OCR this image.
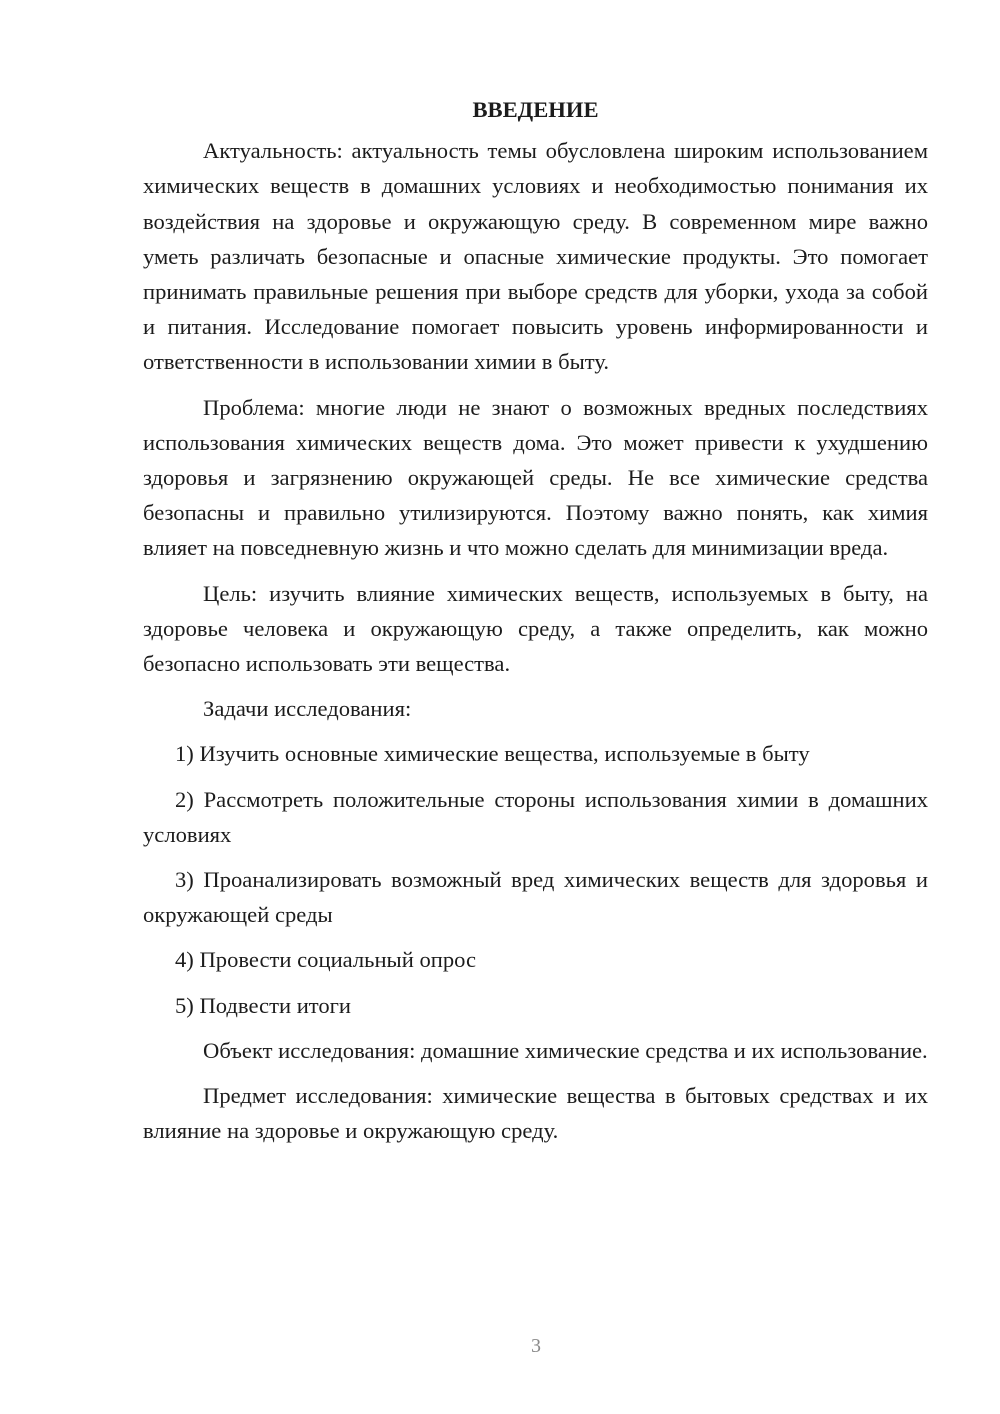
ВВЕДЕНИЕ

Актуальность: актуальность темы обусловлена широким использованием химических веществ в домашних условиях и необходимостью понимания их воздействия на здоровье и окружающую среду. В современном мире важно уметь различать безопасные и опасные химические продукты. Это помогает принимать правильные решения при выборе средств для уборки, ухода за собой и питания. Исследование помогает повысить уровень информированности и ответственности в использовании химии в быту.

Проблема: многие люди не знают о возможных вредных последствиях использования химических веществ дома. Это может привести к ухудшению здоровья и загрязнению окружающей среды. Не все химические средства безопасны и правильно утилизируются. Поэтому важно понять, как химия влияет на повседневную жизнь и что можно сделать для минимизации вреда.

Цель: изучить влияние химических веществ, используемых в быту, на здоровье человека и окружающую среду, а также определить, как можно безопасно использовать эти вещества.

Задачи исследования:

1) Изучить основные химические вещества, используемые в быту

2) Рассмотреть положительные стороны использования химии в домашних условиях

3) Проанализировать возможный вред химических веществ для здоровья и окружающей среды

4) Провести социальный опрос

5) Подвести итоги

Объект исследования: домашние химические средства и их использование.

Предмет исследования: химические вещества в бытовых средствах и их влияние на здоровье и окружающую среду.

3
